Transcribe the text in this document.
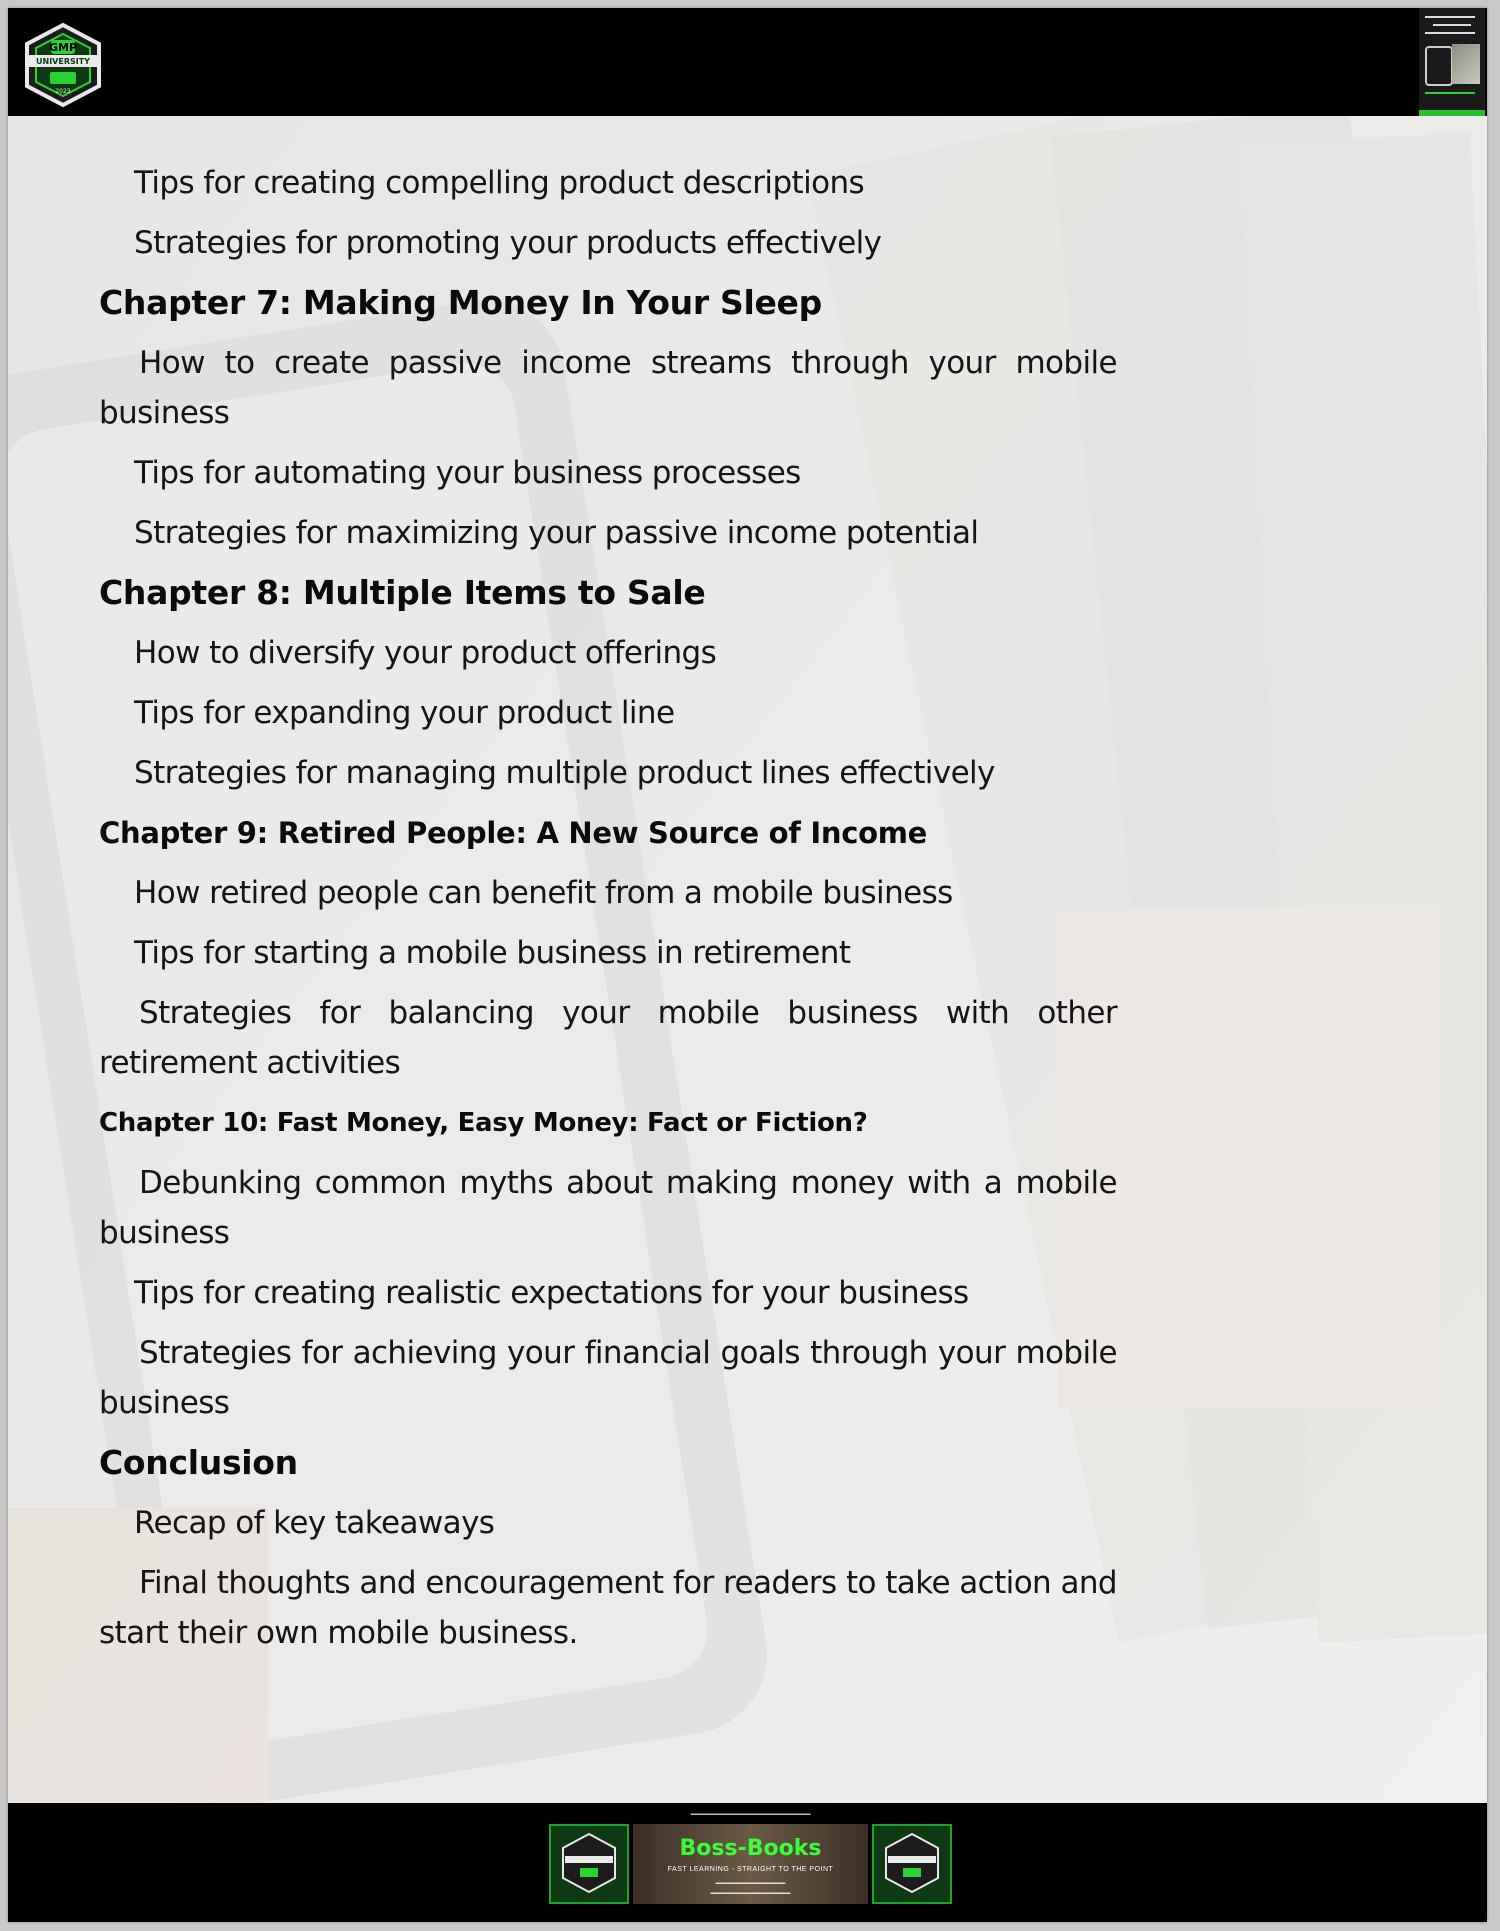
GMP
UNIVERSITY
2023
Tips for creating compelling product descriptions
Strategies for promoting your products effectively
Chapter 7: Making Money In Your Sleep
How to create passive income streams through your mobile business
Tips for automating your business processes
Strategies for maximizing your passive income potential
Chapter 8: Multiple Items to Sale
How to diversify your product offerings
Tips for expanding your product line
Strategies for managing multiple product lines effectively
Chapter 9: Retired People: A New Source of Income
How retired people can benefit from a mobile business
Tips for starting a mobile business in retirement
Strategies for balancing your mobile business with other retirement activities
Chapter 10: Fast Money, Easy Money: Fact or Fiction?
Debunking common myths about making money with a mobile business
Tips for creating realistic expectations for your business
Strategies for achieving your financial goals through your mobile business
Conclusion
Recap of key takeaways
Final thoughts and encouragement for readers to take action and start their own mobile business.
▬▬▬▬▬▬▬▬▬▬▬▬▬▬▬▬▬▬▬▬▬▬▬▬
Boss-Books
FAST LEARNING - STRAIGHT TO THE POINT
▬▬▬▬▬▬▬▬▬▬▬▬▬▬
▬▬▬▬▬▬▬▬▬▬▬▬▬▬▬▬
